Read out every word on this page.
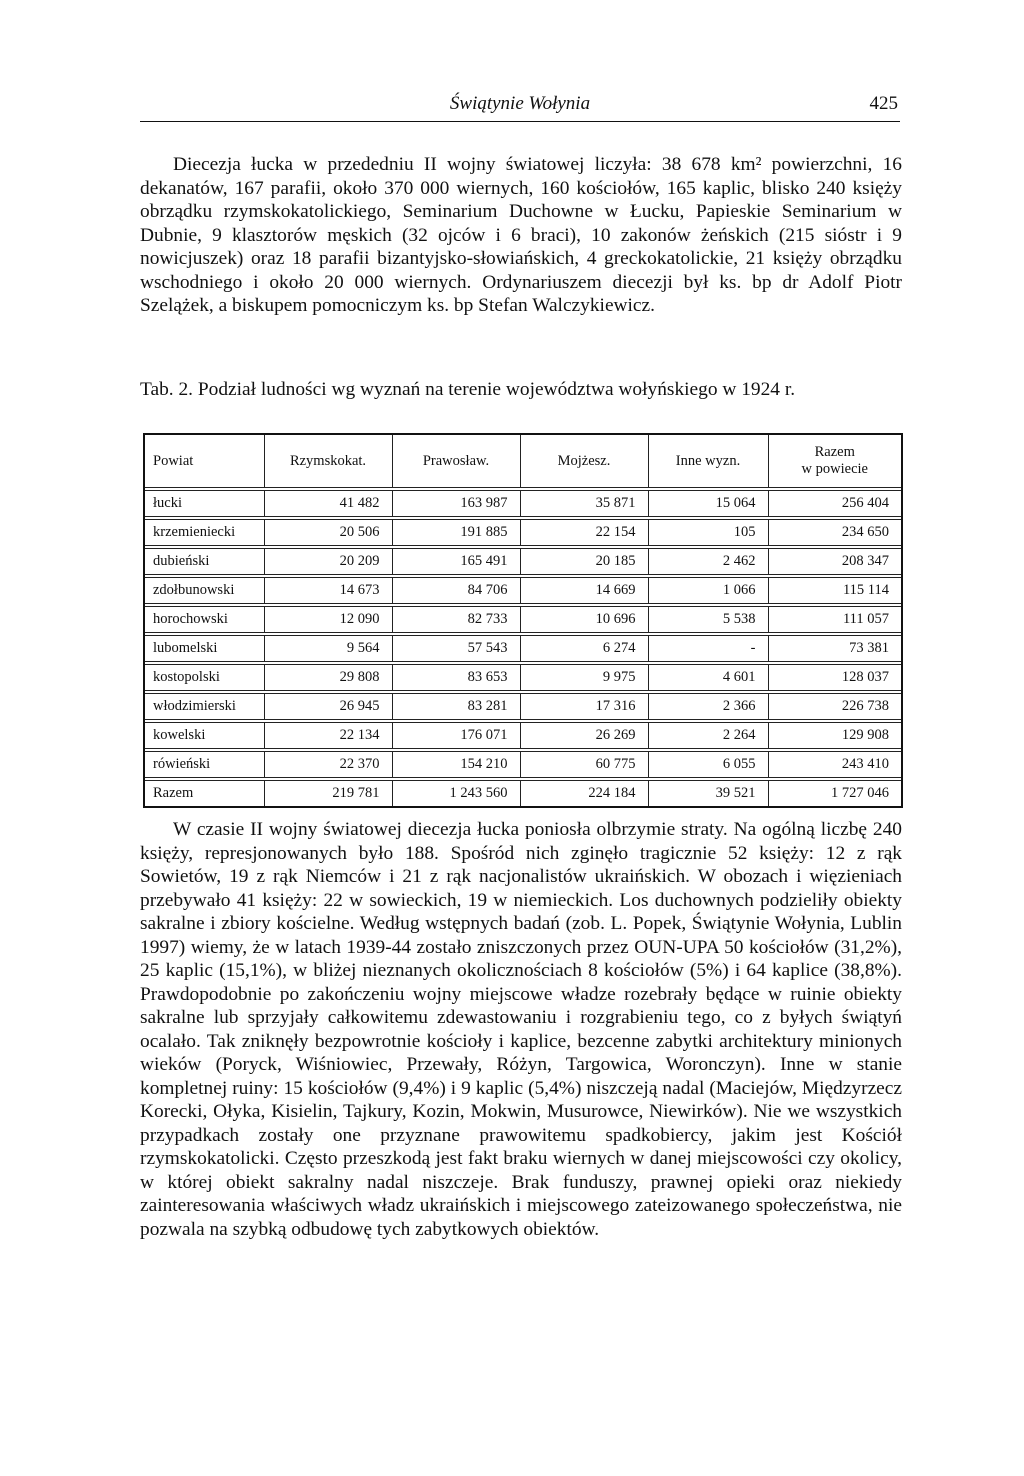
Świątynie Wołynia	425

Diecezja łucka w przededniu II wojny światowej liczyła: 38 678 km² powierzchni, 16 dekanatów, 167 parafii, około 370 000 wiernych, 160 kościołów, 165 kaplic, blisko 240 księży obrządku rzymskokatolickiego, Seminarium Duchowne w Łucku, Papieskie Seminarium w Dubnie, 9 klasztorów męskich (32 ojców i 6 braci), 10 zakonów żeńskich (215 sióstr i 9 nowicjuszek) oraz 18 parafii bizantyjsko-słowiańskich, 4 greckokatolickie, 21 księży obrządku wschodniego i około 20 000 wiernych. Ordynariuszem diecezji był ks. bp dr Adolf Piotr Szelążek, a biskupem pomocniczym ks. bp Stefan Walczykiewicz.

Tab. 2. Podział ludności wg wyznań na terenie województwa wołyńskiego w 1924 r.
Powiat	Rzymskokat.	Prawosław.	Mojżesz.	Inne wyzn.	Razem
w powiecie

łucki	41 482	163 987	35 871	15 064	256 404

krzemieniecki	20 506	191 885	22 154	105	234 650

dubieński	20 209	165 491	20 185	2 462	208 347

zdołbunowski	14 673	84 706	14 669	1 066	115 114

horochowski	12 090	82 733	10 696	5 538	111 057

lubomelski	9 564	57 543	6 274	-	73 381

kostopolski	29 808	83 653	9 975	4 601	128 037

włodzimierski	26 945	83 281	17 316	2 366	226 738

kowelski	22 134	176 071	26 269	2 264	129 908

rówieński	22 370	154 210	60 775	6 055	243 410

Razem	219 781	1 243 560	224 184	39 521	1 727 046

W czasie II wojny światowej diecezja łucka poniosła olbrzymie straty. Na ogólną liczbę 240 księży, represjonowanych było 188. Spośród nich zginęło tragicznie 52 księży: 12 z rąk Sowietów, 19 z rąk Niemców i 21 z rąk nacjonalistów ukraińskich. W obozach i więzieniach przebywało 41 księży: 22 w sowieckich, 19 w niemieckich. Los duchownych podzieliły obiekty sakralne i zbiory kościelne. Według wstępnych badań (zob. L. Popek, Świątynie Wołynia, Lublin 1997) wiemy, że w latach 1939-44 zostało zniszczonych przez OUN-UPA 50 kościołów (31,2%), 25 kaplic (15,1%), w bliżej nieznanych okolicznościach 8 kościołów (5%) i 64 kaplice (38,8%). Prawdopodobnie po zakończeniu wojny miejscowe władze rozebrały będące w ruinie obiekty sakralne lub sprzyjały całkowitemu zdewastowaniu i rozgrabieniu tego, co z byłych świątyń ocalało. Tak zniknęły bezpowrotnie kościoły i kaplice, bezcenne zabytki architektury minionych wieków (Poryck, Wiśniowiec, Przewały, Różyn, Targowica, Woronczyn). Inne w stanie kompletnej ruiny: 15 kościołów (9,4%) i 9 kaplic (5,4%) niszczeją nadal (Maciejów, Międzyrzecz Korecki, Ołyka, Kisielin, Tajkury, Kozin, Mokwin, Musurowce, Niewirków). Nie we wszystkich przypadkach zostały one przyznane prawowitemu spadkobiercy, jakim jest Kościół rzymskokatolicki. Często przeszkodą jest fakt braku wiernych w danej miejscowości czy okolicy, w której obiekt sakralny nadal niszczeje. Brak funduszy, prawnej opieki oraz niekiedy zainteresowania właściwych władz ukraińskich i miejscowego zateizowanego społeczeństwa, nie pozwala na szybką odbudowę tych zabytkowych obiektów.
